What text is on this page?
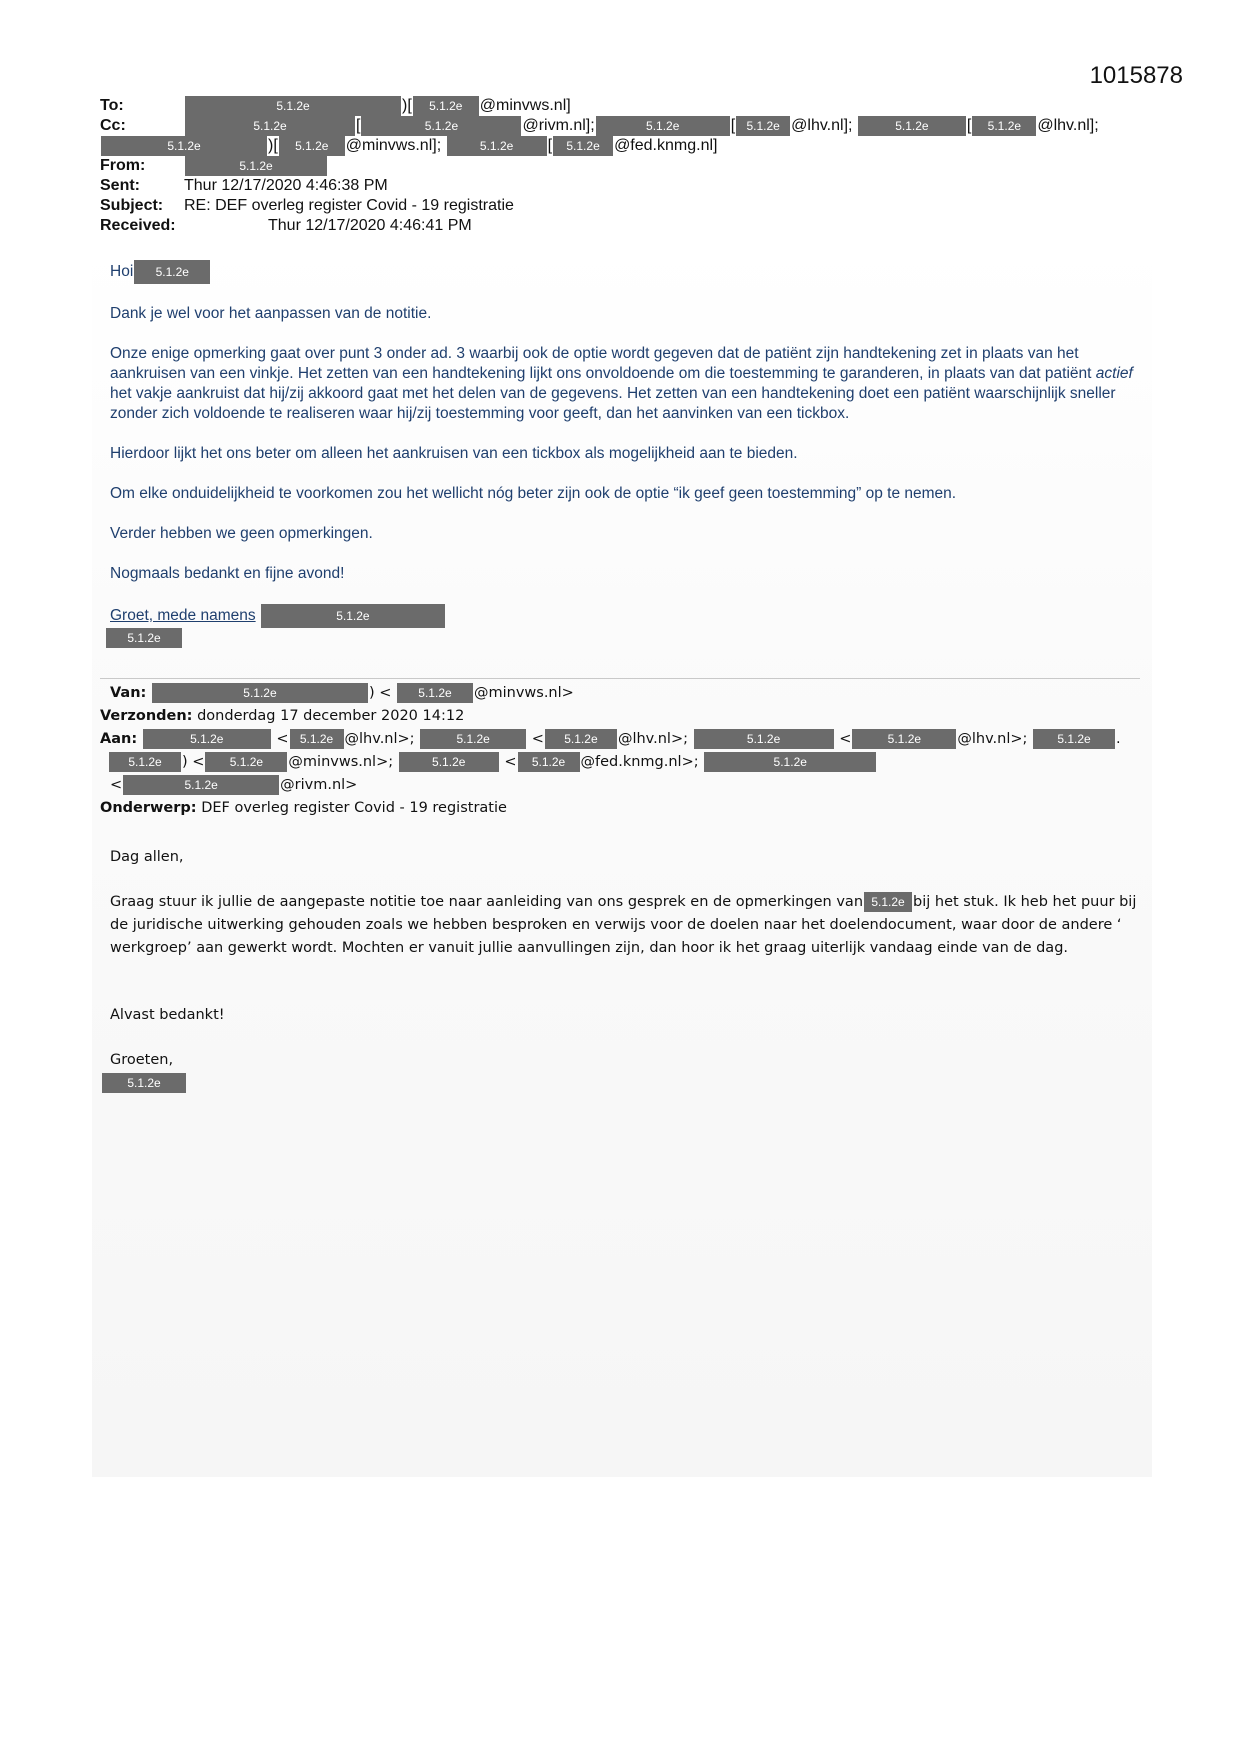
1015878
To:	5.1.2e	)[ 5.1.2e @minvws.nl]
Cc:	5.1.2e	[	5.1.2e	@rivm.nl];	5.1.2e	[ 5.1.2e @lhv.nl];	5.1.2e [ 5.1.2e @lhv.nl];
5.1.2e	)[ 5.1.2e @minvws.nl];	5.1.2e [ 5.1.2e @fed.knmg.nl]
From:	5.1.2e
Sent:	Thur 12/17/2020 4:46:38 PM
Subject: RE: DEF overleg register Covid - 19 registratie
Received:	Thur 12/17/2020 4:46:41 PM

Hoi 5.1.2e

Dank je wel voor het aanpassen van de notitie.

Onze enige opmerking gaat over punt 3 onder ad. 3 waarbij ook de optie wordt gegeven dat de patiënt zijn handtekening zet in plaats van het aankruisen van een vinkje. Het zetten van een handtekening lijkt ons onvoldoende om die toestemming te garanderen, in plaats van dat patiënt actief het vakje aankruist dat hij/zij akkoord gaat met het delen van de gegevens. Het zetten van een handtekening doet een patiënt waarschijnlijk sneller zonder zich voldoende te realiseren waar hij/zij toestemming voor geeft, dan het aanvinken van een tickbox.

Hierdoor lijkt het ons beter om alleen het aankruisen van een tickbox als mogelijkheid aan te bieden.

Om elke onduidelijkheid te voorkomen zou het wellicht nóg beter zijn ook de optie “ik geef geen toestemming” op te nemen.

Verder hebben we geen opmerkingen.

Nogmaals bedankt en fijne avond!

Groet, mede namens	5.1.2e
5.1.2e

Van:	5.1.2e	) < 5.1.2e @minvws.nl>
Verzonden: donderdag 17 december 2020 14:12
Aan:	5.1.2e	< 5.1.2e @lhv.nl>;	5.1.2e	< 5.1.2e @lhv.nl>;	5.1.2e	<	5.1.2e	@lhv.nl>; 5.1.2e .
5.1.2e ) < 5.1.2e @minvws.nl>;	5.1.2e	< 5.1.2e @fed.knmg.nl>;	5.1.2e
<	5.1.2e	@rivm.nl>
Onderwerp: DEF overleg register Covid - 19 registratie

Dag allen,

Graag stuur ik jullie de aangepaste notitie toe naar aanleiding van ons gesprek en de opmerkingen van 5.1.2e bij het stuk. Ik heb het puur bij de juridische uitwerking gehouden zoals we hebben besproken en verwijs voor de doelen naar het doelendocument, waar door de andere ‘ werkgroep’ aan gewerkt wordt. Mochten er vanuit jullie aanvullingen zijn, dan hoor ik het graag uiterlijk vandaag einde van de dag.

Alvast bedankt!

Groeten,
5.1.2e
